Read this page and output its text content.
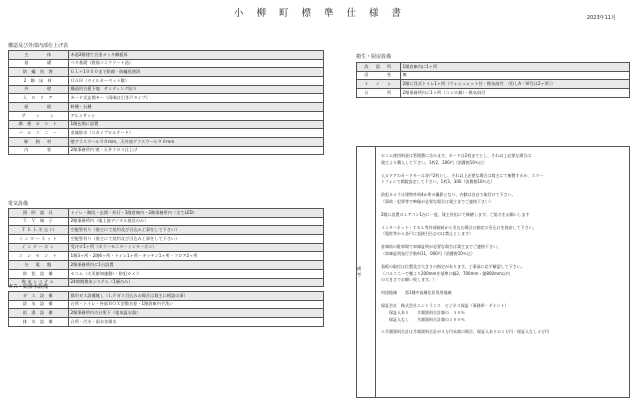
小 柳 町 標 準 仕 様 書	2023年11月
構造及び外部内部仕上げ表
主　　　体	木造2階建て合金メッキ鋼板葺
基　　　礎	ベタ基礎（鉄筋コンクリート造）
防 蟻 処 理	ＧＬ＋1０００まで防腐・防蟻処理済
2 階 床 材	ＯＡＨ（タイルカーペット敷）
外　　　壁	構造用合板下地　サイディング貼り
入 ロ ド ア	カード式玄関キー（両端は引き戸タイプ）
屋　　　根	軒樋・丸樋
サ 　ッ　 シ	アルミサッシ
郵 便 ポ ス ト	1階玄関に設置
バ ル コ ニ ー	金属防水（スカイプロルテード）
断　熱　材	壁グラスウール９０mm、天井部グラスウール９０mm
内　　　装	2階事務所内 壁・天井クロス仕上げ
電気設備
照 明 器 具	トイレ・階段・玄関・外灯・1階倉庫内・2階事務所内（全てLED）
Ｔ Ｖ 端 子	2階事務所内（地上波デジタル放送のみ）
ＴＥＬ引込口	空配管有り（借主にて契約及び引込み工事をして下さい）
インターネット	空配管有り（借主にて契約及び引込み工事をして下さい）
インターホン	受けロ1ヶ所（カラーモニターインターホン）
コ ン セ ン ト	1階3ヶ所・2階6ヶ所・トイレ1ヶ所・キッチン1ヶ所・フロア2ヶ所
分　電　盤	2階事務所内に1台設置
防 犯 設 備	セコム（火災報知連動）・防犯カメラ
換気システム	24時間換気システム（1層のみ）
ガス・給排水設備
ガ ス 設 備	都市ガス設備無し（ＬＰガス引込みの場合は貸主に相談の事）
給 水 設 備	台所・トイレ・外部ＢＯＸ型散水栓・1階倉庫内手洗い
給 湯 設 備	2階事務所内の台所下（電気温水器）
排 水 設 備	台所・汚水・雨水各排水
衛生・厨房設備
洗　面　所	1階倉庫内に1ヶ所
浴　　　室	無
ト　イ　レ	2階に洋式トイレ1ヶ所（ウォシュレット付・換気扇付　（但しA・VI号は2ヶ所））
台　　　所	2階事務所内に1ヶ所（コンロ無）・換気扇付
備　考
セコム使用料金は管理費に含みます。カードは2枚までとし、それ以上必要な場合は
貸主より購入して下さい。1枚2，200円（消費税10％込）
入ロドアのカードキーは各戸2枚とし、それ以上必要な場合は貸主にて複製するか、スマー
トフォンで開錠設定して下さい。1枚3，300（消費税10％込）
防犯カメラは建物外周4か所の撮影となり、内側は各自で取付けて下さい。
（事故・犯罪等で映像が必要な場合は貸主までご連絡下さい）
2階に設置のエアコン1台に一度、貸主負担にて修繕します。ご協力をお願いします
インターネット・ＴＥＬ等外部接続から引込む場合は指定の引込口を経由して下さい。
（電柱等から各戸に直接引込むのは禁止とします）
倉庫前の駐車場で車庫証明が必要な場合は貸主までご連絡下さい。
（車庫証明発行手数料11，000円（消費税10％込）
看板の取付は位置及び大きさの指定があります。工事前に必ず確認して下さい。
（パルコニーで腰より200mmを基準に幅2，700mm・縦800mm以内
の大きさでお願い致します。）
用途地域　　第1種中高層住居専用地域
保証会社　株式会社エントランス　ビジネス保証（事務所・テナント）
　　保証人あり　　月額賃料合計額の　５０％
　　保証人なし　　月額賃料合計額の１００％
＊月額賃料合計は月額賃料合計が４万円未満の場合、保証人ありの１万円・保証人なし４万円
